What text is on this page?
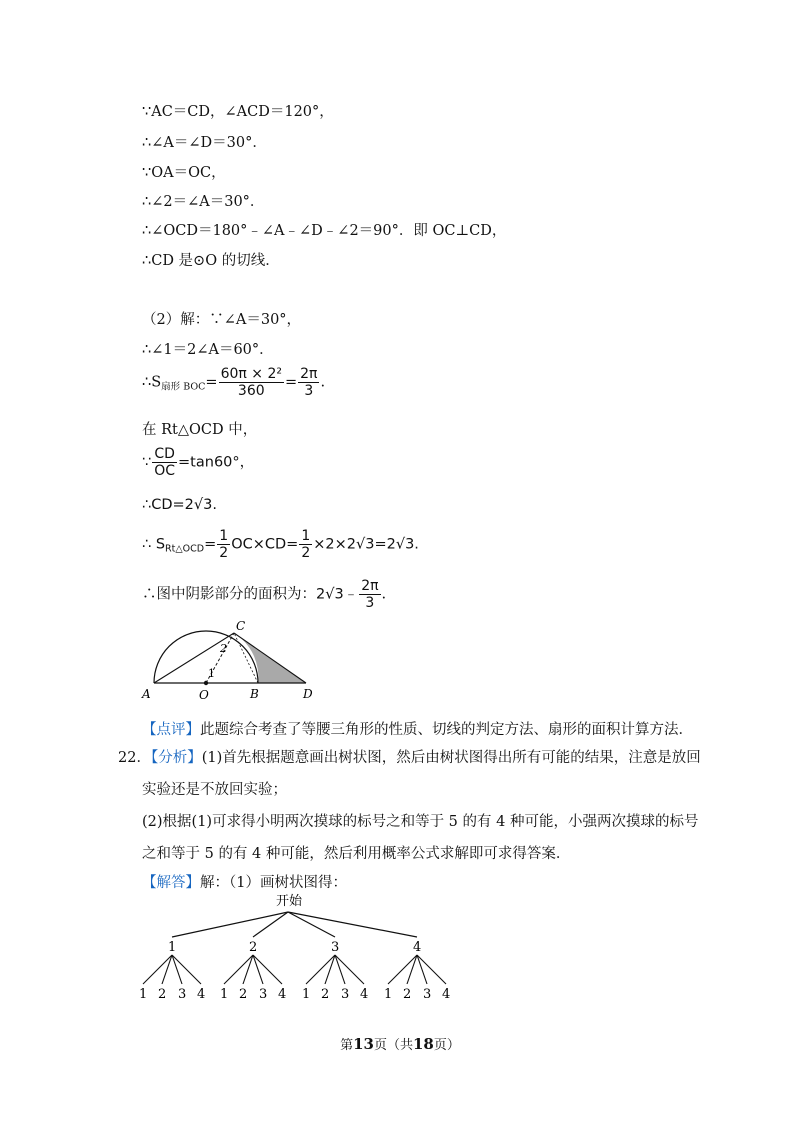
∵AC＝CD，∠ACD＝120°，
∴∠A＝∠D＝30°．
∵OA＝OC，
∴∠2＝∠A＝30°．
∴∠OCD＝180°﹣∠A﹣∠D﹣∠2＝90°．即 OC⊥CD，
∴CD 是⊙O 的切线．
（2）解：∵∠A＝30°，
∴∠1＝2∠A＝60°．
$\therefore S_{扇形 BOC}= \frac{\text{60π × 2²}}{360} = \frac{2\pi}{3}$ .
在 Rt△OCD 中，
∵ $\frac{CD}{OC} =\tan 60^\circ$，
∴CD=2√3.
∴ $S_{Rt\triangle OCD}= \frac{1}{2} OC\times CD= \frac{1}{2} \times 2\times 2√3=2√3$.
∴图中阴影部分的面积为：2√3﹣ $\frac{2\pi}{3}$ .
C
2
1
A	O	B	D
【点评】此题综合考查了等腰三角形的性质、切线的判定方法、扇形的面积计算方法．
22．【分析】(1)首先根据题意画出树状图，然后由树状图得出所有可能的结果，注意是放回
实验还是不放回实验；
(2)根据(1)可求得小明两次摸球的标号之和等于 5 的有 4 种可能，小强两次摸球的标号
之和等于 5 的有 4 种可能，然后利用概率公式求解即可求得答案．
【解答】解：（1）画树状图得：
开始
1
1 2 3 4
2
1 2 3 4
3
1 2 3 4
4
1 2 3 4
第13页（共18页）
